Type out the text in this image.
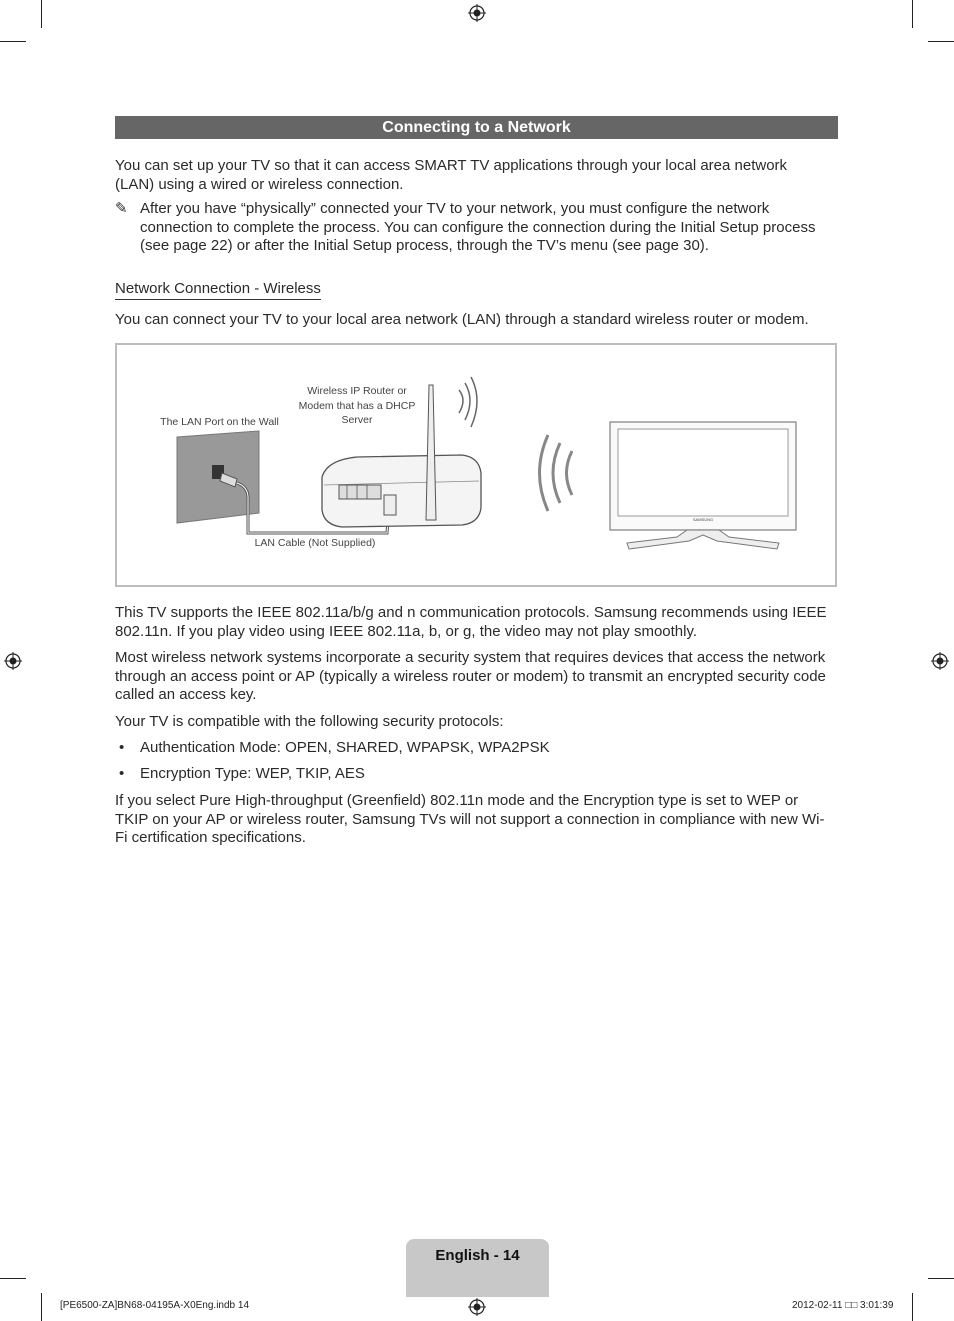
Connecting to a Network

You can set up your TV so that it can access SMART TV applications through your local area network (LAN) using a wired or wireless connection.

✎ After you have “physically” connected your TV to your network, you must configure the network connection to complete the process. You can configure the connection during the Initial Setup process (see page 22) or after the Initial Setup process, through the TV’s menu (see page 30).

Network Connection - Wireless

You can connect your TV to your local area network (LAN) through a standard wireless router or modem.

The LAN Port on the Wall
Wireless IP Router or
Modem that has a DHCP
Server
LAN Cable (Not Supplied)
SAMSUNG

This TV supports the IEEE 802.11a/b/g and n communication protocols. Samsung recommends using IEEE 802.11n. If you play video using IEEE 802.11a, b, or g, the video may not play smoothly.

Most wireless network systems incorporate a security system that requires devices that access the network through an access point or AP (typically a wireless router or modem) to transmit an encrypted security code called an access key.

Your TV is compatible with the following security protocols:

• Authentication Mode: OPEN, SHARED, WPAPSK, WPA2PSK
• Encryption Type: WEP, TKIP, AES

If you select Pure High-throughput (Greenfield) 802.11n mode and the Encryption type is set to WEP or TKIP on your AP or wireless router, Samsung TVs will not support a connection in compliance with new Wi-Fi certification specifications.

English - 14
[PE6500-ZA]BN68-04195A-X0Eng.indb 14	2012-02-11 □□ 3:01:39
